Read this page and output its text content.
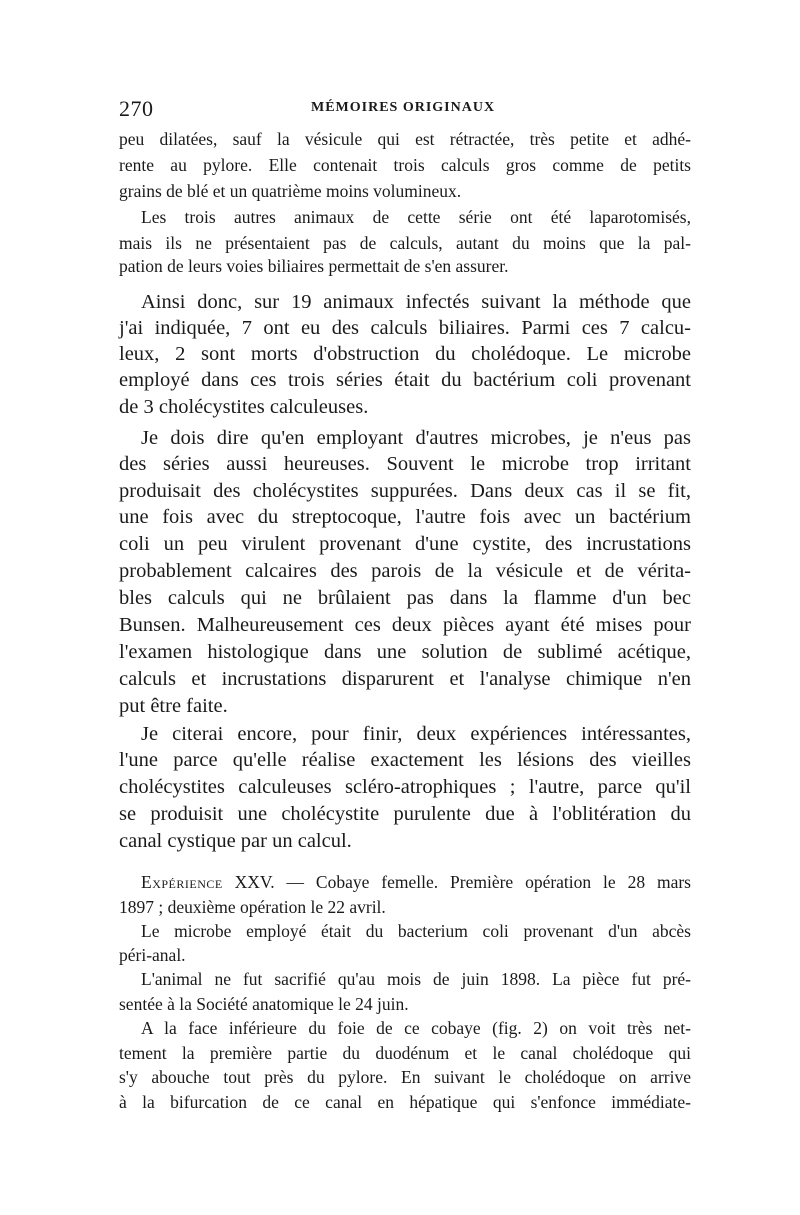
270	MÉMOIRES ORIGINAUX
peu dilatées, sauf la vésicule qui est rétractée, très petite et adhé-
rente au pylore. Elle contenait trois calculs gros comme de petits
grains de blé et un quatrième moins volumineux.
Les trois autres animaux de cette série ont été laparotomisés,
mais ils ne présentaient pas de calculs, autant du moins que la pal-
pation de leurs voies biliaires permettait de s'en assurer.
Ainsi donc, sur 19 animaux infectés suivant la méthode que
j'ai indiquée, 7 ont eu des calculs biliaires. Parmi ces 7 calcu-
leux, 2 sont morts d'obstruction du cholédoque. Le microbe
employé dans ces trois séries était du bactérium coli provenant
de 3 cholécystites calculeuses.
Je dois dire qu'en employant d'autres microbes, je n'eus pas
des séries aussi heureuses. Souvent le microbe trop irritant
produisait des cholécystites suppurées. Dans deux cas il se fit,
une fois avec du streptocoque, l'autre fois avec un bactérium
coli un peu virulent provenant d'une cystite, des incrustations
probablement calcaires des parois de la vésicule et de vérita-
bles calculs qui ne brûlaient pas dans la flamme d'un bec
Bunsen. Malheureusement ces deux pièces ayant été mises pour
l'examen histologique dans une solution de sublimé acétique,
calculs et incrustations disparurent et l'analyse chimique n'en
put être faite.
Je citerai encore, pour finir, deux expériences intéressantes,
l'une parce qu'elle réalise exactement les lésions des vieilles
cholécystites calculeuses scléro-atrophiques ; l'autre, parce qu'il
se produisit une cholécystite purulente due à l'oblitération du
canal cystique par un calcul.
Expérience XXV. — Cobaye femelle. Première opération le 28 mars
1897 ; deuxième opération le 22 avril.
Le microbe employé était du bacterium coli provenant d'un abcès
péri-anal.
L'animal ne fut sacrifié qu'au mois de juin 1898. La pièce fut pré-
sentée à la Société anatomique le 24 juin.
A la face inférieure du foie de ce cobaye (fig. 2) on voit très net-
tement la première partie du duodénum et le canal cholédoque qui
s'y abouche tout près du pylore. En suivant le cholédoque on arrive
à la bifurcation de ce canal en hépatique qui s'enfonce immédiate-
